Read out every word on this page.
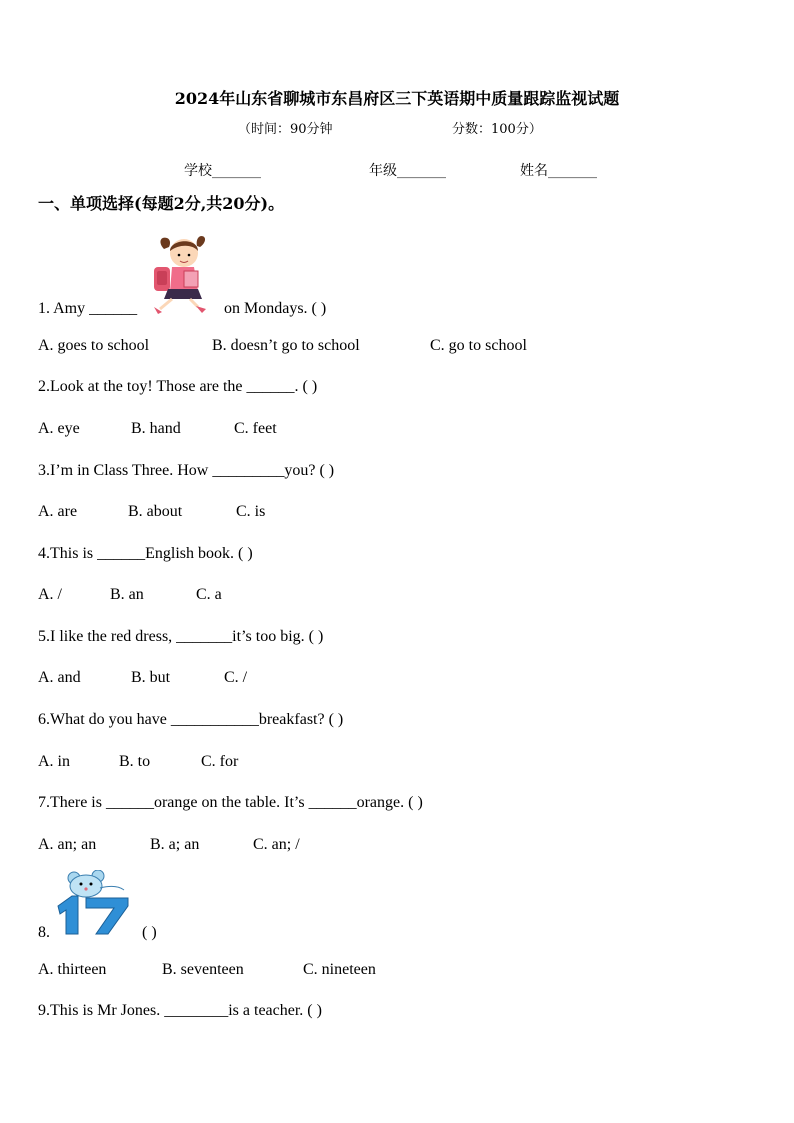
2024年山东省聊城市东昌府区三下英语期中质量跟踪监视试题
（时间：90分钟	分数：100分）
学校_______	年级_______	姓名_______
一、单项选择(每题2分,共20分)。
1. Amy ______	on Mondays. ( )
A. goes to school	B. doesn’t go to school	C. go to school
2.Look at the toy! Those are the ______. ( )
A. eye	B. hand	C. feet
3.I’m in Class Three. How _________you? ( )
A. are	B. about	C. is
4.This is ______English book. ( )
A. /	B. an	C. a
5.I like the red dress, _______it’s too big. ( )
A. and	B. but	C. /
6.What do you have ___________breakfast? ( )
A. in	B. to	C. for
7.There is ______orange on the table. It’s ______orange. ( )
A. an; an	B. a; an	C. an; /
8.	( )
A. thirteen	B. seventeen	C. nineteen
9.This is Mr Jones. ________is a teacher. ( )
